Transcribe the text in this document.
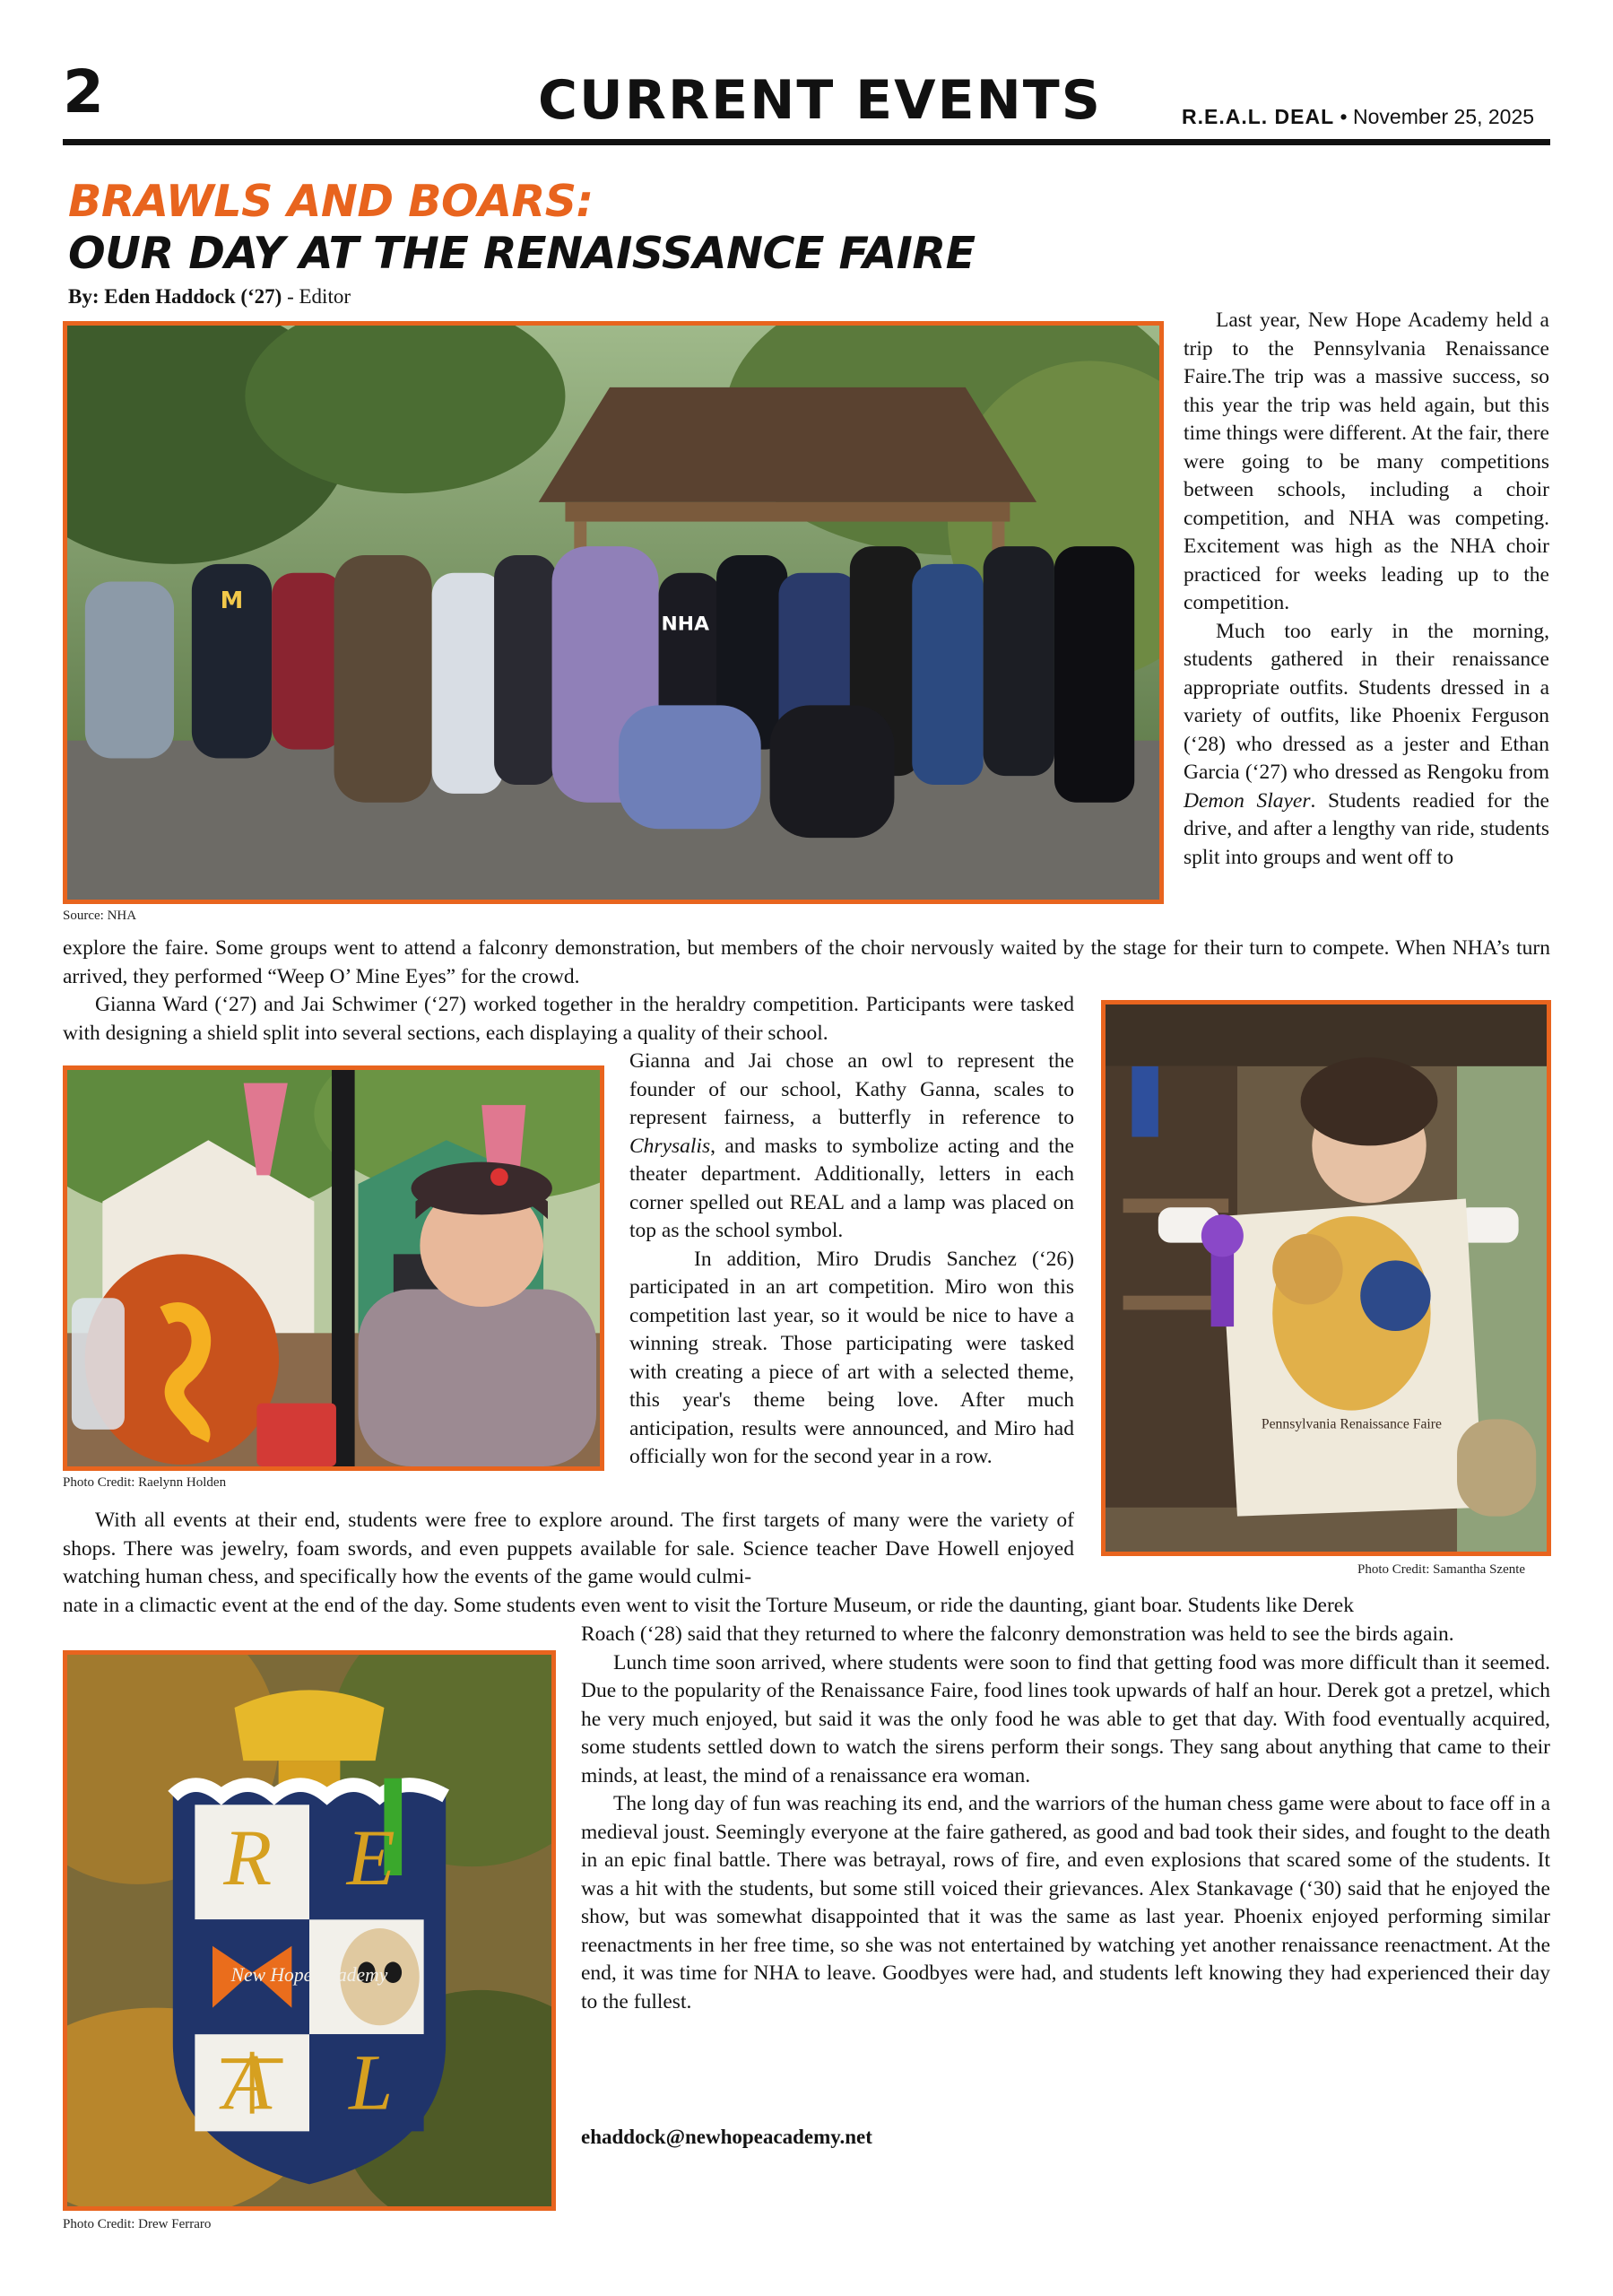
2	CURRENT EVENTS	R.E.A.L. DEAL • November 25, 2025
BRAWLS AND BOARS:
OUR DAY AT THE RENAISSANCE FAIRE
By: Eden Haddock (‘27) - Editor
NHA
M
Source: NHA

Last year, New Hope Academy held a trip to the Pennsylvania Renaissance Faire.The trip was a massive success, so this year the trip was held again, but this time things were different. At the fair, there were going to be many competitions between schools, including a choir competition, and NHA was competing. Excitement was high as the NHA choir practiced for weeks leading up to the competition.

Much too early in the morning, students gathered in their renaissance appropriate outfits. Students dressed in a variety of outfits, like Phoenix Ferguson (‘28) who dressed as a jester and Ethan Garcia (‘27) who dressed as Rengoku from Demon Slayer. Students readied for the drive, and after a lengthy van ride, students split into groups and went off to

explore the faire. Some groups went to attend a falconry demonstration, but members of the choir nervously waited by the stage for their turn to compete. When NHA’s turn arrived, they performed “Weep O’ Mine Eyes” for the crowd.

Gianna Ward (‘27) and Jai Schwimer (‘27) worked together in the heraldry competition. Participants were tasked with designing a shield split into several sections, each displaying a quality of their school.

Photo Credit: Raelynn Holden

Gianna and Jai chose an owl to represent the founder of our school, Kathy Ganna, scales to represent fairness, a butterfly in reference to Chrysalis, and masks to symbolize acting and the theater department. Additionally, letters in each corner spelled out REAL and a lamp was placed on top as the school symbol.

In addition, Miro Drudis Sanchez (‘26) participated in an art competition. Miro won this competition last year, so it would be nice to have a winning streak. Those participating were tasked with creating a piece of art with a selected theme, this year's theme being love. After much anticipation, results were announced, and Miro had officially won for the second year in a row.

Pennsylvania Renaissance Faire
Photo Credit: Samantha Szente

With all events at their end, students were free to explore around. The first targets of many were the variety of shops. There was jewelry, foam swords, and even puppets available for sale. Science teacher Dave Howell enjoyed watching human chess, and specifically how the events of the game would culmi-

nate in a climactic event at the end of the day. Some students even went to visit the Torture Museum, or ride the daunting, giant boar. Students like Derek

R E
A L
New Hope Academy
Photo Credit: Drew Ferraro

Roach (‘28) said that they returned to where the falconry demonstration was held to see the birds again.

Lunch time soon arrived, where students were soon to find that getting food was more difficult than it seemed. Due to the popularity of the Renaissance Faire, food lines took upwards of half an hour. Derek got a pretzel, which he very much enjoyed, but said it was the only food he was able to get that day. With food eventually acquired, some students settled down to watch the sirens perform their songs. They sang about anything that came to their minds, at least, the mind of a renaissance era woman.

The long day of fun was reaching its end, and the warriors of the human chess game were about to face off in a medieval joust. Seemingly everyone at the faire gathered, as good and bad took their sides, and fought to the death in an epic final battle. There was betrayal, rows of fire, and even explosions that scared some of the students. It was a hit with the students, but some still voiced their grievances. Alex Stankavage (‘30) said that he enjoyed the show, but was somewhat disappointed that it was the same as last year. Phoenix enjoyed performing similar reenactments in her free time, so she was not entertained by watching yet another renaissance reenactment. At the end, it was time for NHA to leave. Goodbyes were had, and students left knowing they had experienced their day to the fullest.

ehaddock@newhopeacademy.net
